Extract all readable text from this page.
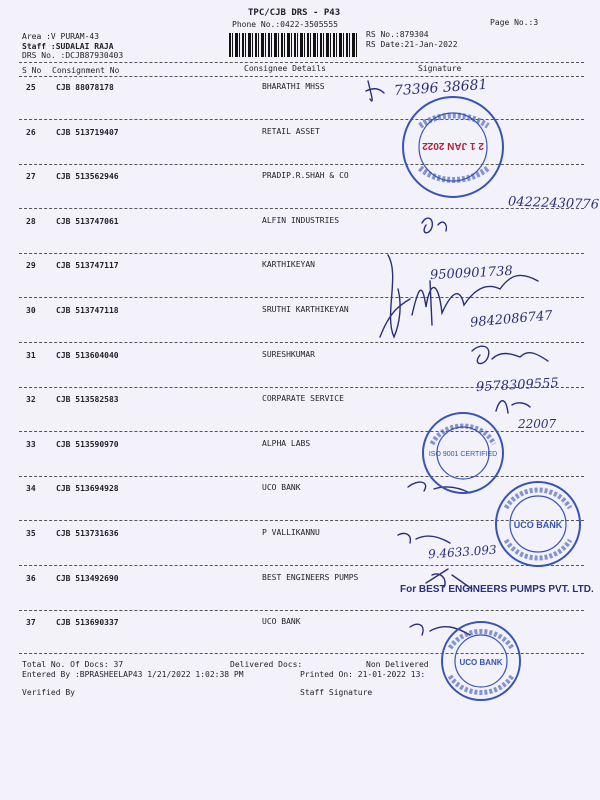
TPC/CJB DRS - P43
Phone No.:0422-3505555	Page No.:3
Area :V PURAM-43
Staff :SUDALAI RAJA
DRS No. :DCJB87930403
RS No.:879304
RS Date:21-Jan-2022
S No Consignment No	Consignee Details	Signature
25	CJB 88078178	BHARATHI MHSS
26	CJB 513719407	RETAIL ASSET
27	CJB 513562946	PRADIP.R.SHAH & CO
28	CJB 513747061	ALFIN INDUSTRIES
29	CJB 513747117	KARTHIKEYAN
30	CJB 513747118	SRUTHI KARTHIKEYAN
31	CJB 513604040	SURESHKUMAR
32	CJB 513582583	CORPARATE SERVICE
33	CJB 513590970	ALPHA LABS
34	CJB 513694928	UCO BANK
35	CJB 513731636	P VALLIKANNU
36	CJB 513492690	BEST ENGINEERS PUMPS
37	CJB 513690337	UCO BANK
Total No. Of Docs: 37	Delivered Docs:	Non Delivered
Entered By :BPRASHEELAP43 1/21/2022 1:02:38 PM	Printed On: 21-01-2022 13:
Verified By	Staff Signature
73396 38681
04222430776
9500901738
9842086747
9578309555
22007
9.4633.093
For BEST ENGINEERS PUMPS PVT. LTD.
2 1 JAN 2022
ISO 9001 CERTIFIED
UCO BANK
UCO BANK
